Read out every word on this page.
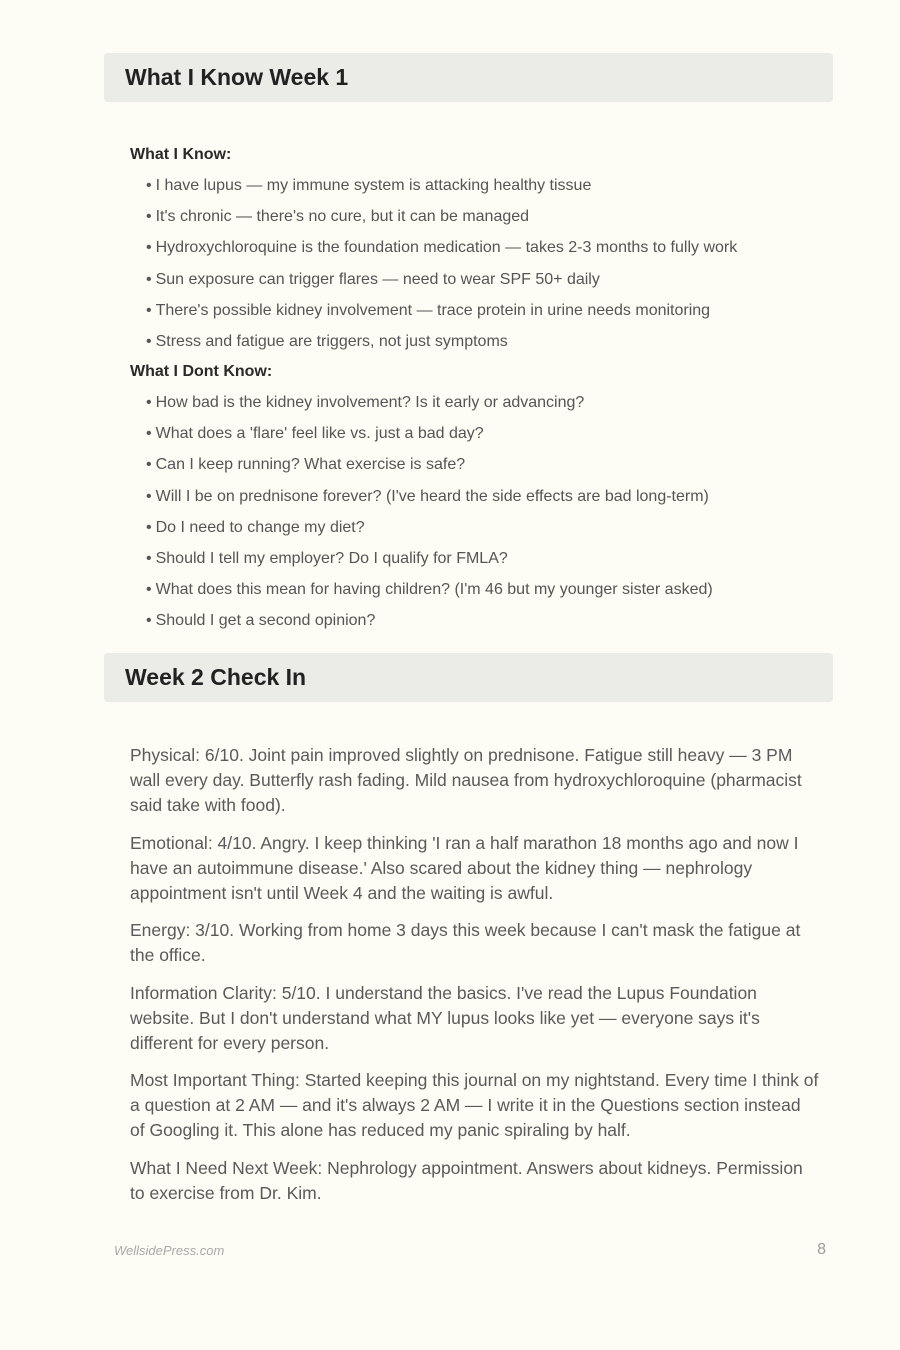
What I Know Week 1
What I Know:
• I have lupus — my immune system is attacking healthy tissue
• It's chronic — there's no cure, but it can be managed
• Hydroxychloroquine is the foundation medication — takes 2-3 months to fully work
• Sun exposure can trigger flares — need to wear SPF 50+ daily
• There's possible kidney involvement — trace protein in urine needs monitoring
• Stress and fatigue are triggers, not just symptoms
What I Dont Know:
• How bad is the kidney involvement? Is it early or advancing?
• What does a 'flare' feel like vs. just a bad day?
• Can I keep running? What exercise is safe?
• Will I be on prednisone forever? (I've heard the side effects are bad long-term)
• Do I need to change my diet?
• Should I tell my employer? Do I qualify for FMLA?
• What does this mean for having children? (I'm 46 but my younger sister asked)
• Should I get a second opinion?
Week 2 Check In

Physical: 6/10. Joint pain improved slightly on prednisone. Fatigue still heavy — 3 PM wall every day. Butterfly rash fading. Mild nausea from hydroxychloroquine (pharmacist said take with food).

Emotional: 4/10. Angry. I keep thinking 'I ran a half marathon 18 months ago and now I have an autoimmune disease.' Also scared about the kidney thing — nephrology appointment isn't until Week 4 and the waiting is awful.

Energy: 3/10. Working from home 3 days this week because I can't mask the fatigue at the office.

Information Clarity: 5/10. I understand the basics. I've read the Lupus Foundation website. But I don't understand what MY lupus looks like yet — everyone says it's different for every person.

Most Important Thing: Started keeping this journal on my nightstand. Every time I think of a question at 2 AM — and it's always 2 AM — I write it in the Questions section instead of Googling it. This alone has reduced my panic spiraling by half.

What I Need Next Week: Nephrology appointment. Answers about kidneys. Permission to exercise from Dr. Kim.

WellsidePress.com	8
